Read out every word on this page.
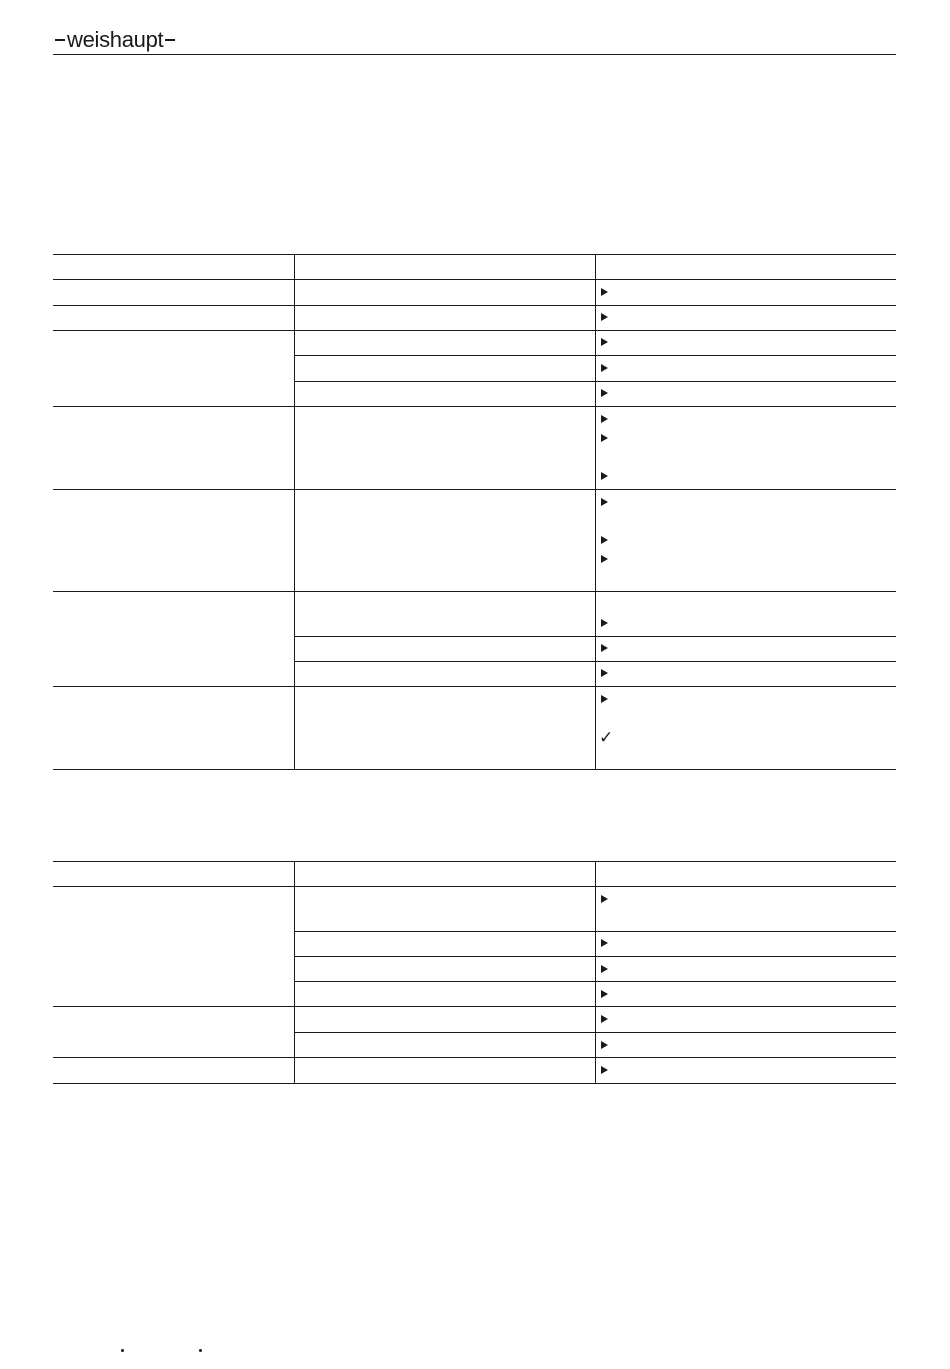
weishaupt
✓
